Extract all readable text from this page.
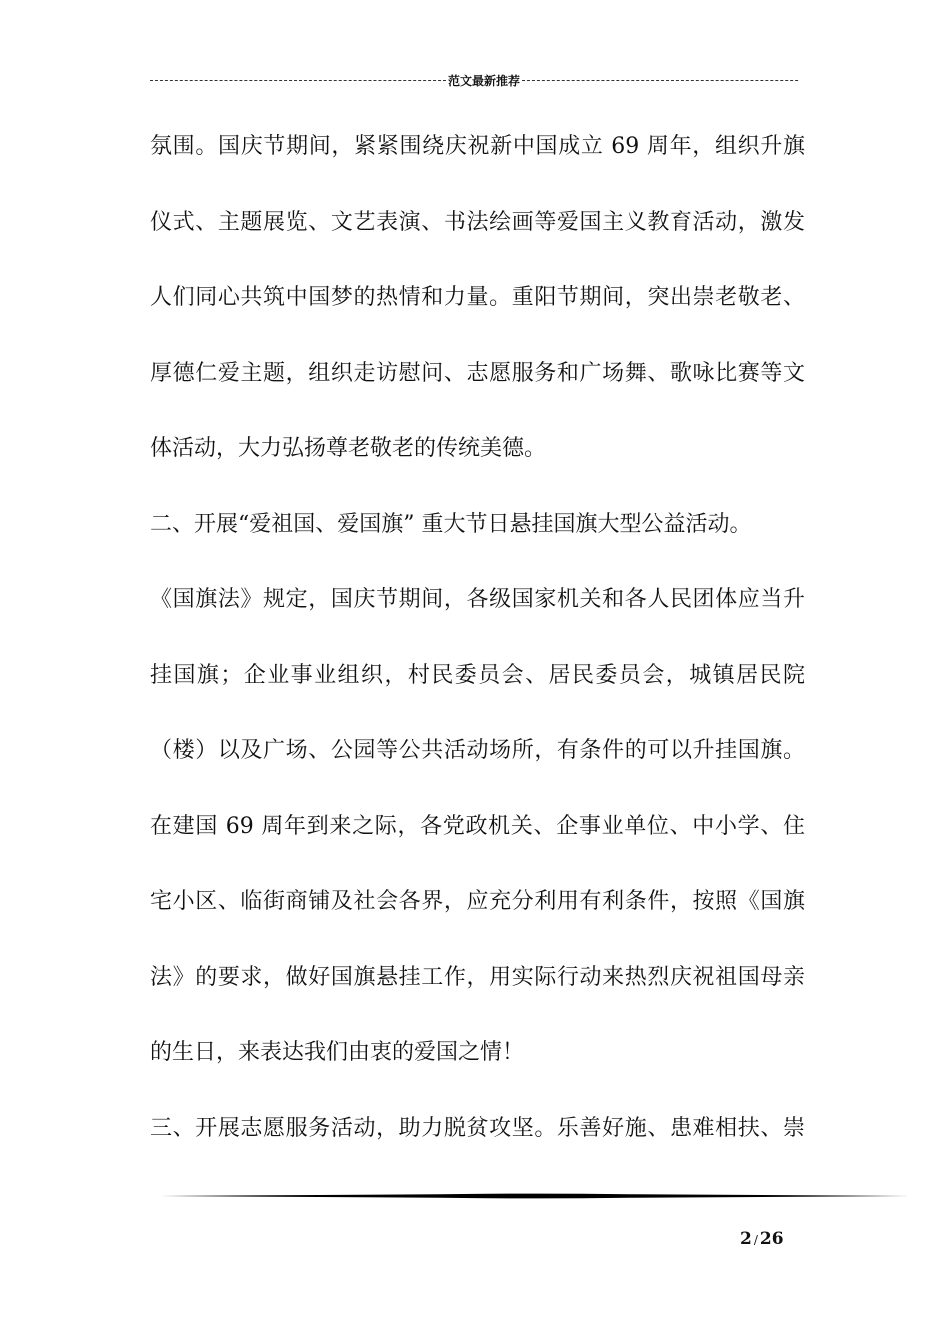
范文最新推荐
氛围。国庆节期间，紧紧围绕庆祝新中国成立 69 周年，组织升旗
仪式、主题展览、文艺表演、书法绘画等爱国主义教育活动，激发
人们同心共筑中国梦的热情和力量。重阳节期间，突出崇老敬老、
厚德仁爱主题，组织走访慰问、志愿服务和广场舞、歌咏比赛等文
体活动，大力弘扬尊老敬老的传统美德。
二、开展“爱祖国、爱国旗” 重大节日悬挂国旗大型公益活动。
《国旗法》规定，国庆节期间，各级国家机关和各人民团体应当升
挂国旗；企业事业组织，村民委员会、居民委员会，城镇居民院
（楼）以及广场、公园等公共活动场所，有条件的可以升挂国旗。
在建国 69 周年到来之际，各党政机关、企事业单位、中小学、住
宅小区、临街商铺及社会各界，应充分利用有利条件，按照《国旗
法》的要求，做好国旗悬挂工作，用实际行动来热烈庆祝祖国母亲
的生日，来表达我们由衷的爱国之情！
三、开展志愿服务活动，助力脱贫攻坚。乐善好施、患难相扶、崇
2 / 26
